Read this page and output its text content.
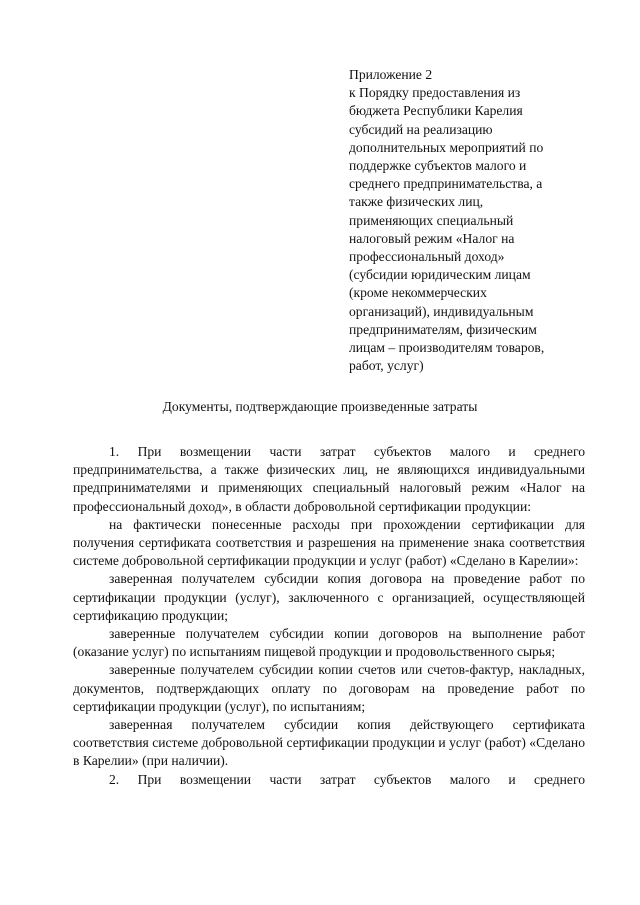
Приложение 2
к Порядку предоставления из
бюджета Республики Карелия
субсидий на реализацию
дополнительных мероприятий по
поддержке субъектов малого и
среднего предпринимательства, а
также физических лиц,
применяющих специальный
налоговый режим «Налог на
профессиональный доход»
(субсидии юридическим лицам
(кроме некоммерческих
организаций), индивидуальным
предпринимателям, физическим
лицам – производителям товаров,
работ, услуг)
Документы, подтверждающие произведенные затраты

1. При возмещении части затрат субъектов малого и среднего предпринимательства, а также физических лиц, не являющихся индивидуальными предпринимателями и применяющих специальный налоговый режим «Налог на профессиональный доход», в области добровольной сертификации продукции:

на фактически понесенные расходы при прохождении сертификации для получения сертификата соответствия и разрешения на применение знака соответствия системе добровольной сертификации продукции и услуг (работ) «Сделано в Карелии»:

заверенная получателем субсидии копия договора на проведение работ по сертификации продукции (услуг), заключенного с организацией, осуществляющей сертификацию продукции;

заверенные получателем субсидии копии договоров на выполнение работ (оказание услуг) по испытаниям пищевой продукции и продовольственного сырья;

заверенные получателем субсидии копии счетов или счетов-фактур, накладных, документов, подтверждающих оплату по договорам на проведение работ по сертификации продукции (услуг), по испытаниям;

заверенная получателем субсидии копия действующего сертификата соответствия системе добровольной сертификации продукции и услуг (работ) «Сделано в Карелии» (при наличии).

2. При возмещении части затрат субъектов малого и среднего
